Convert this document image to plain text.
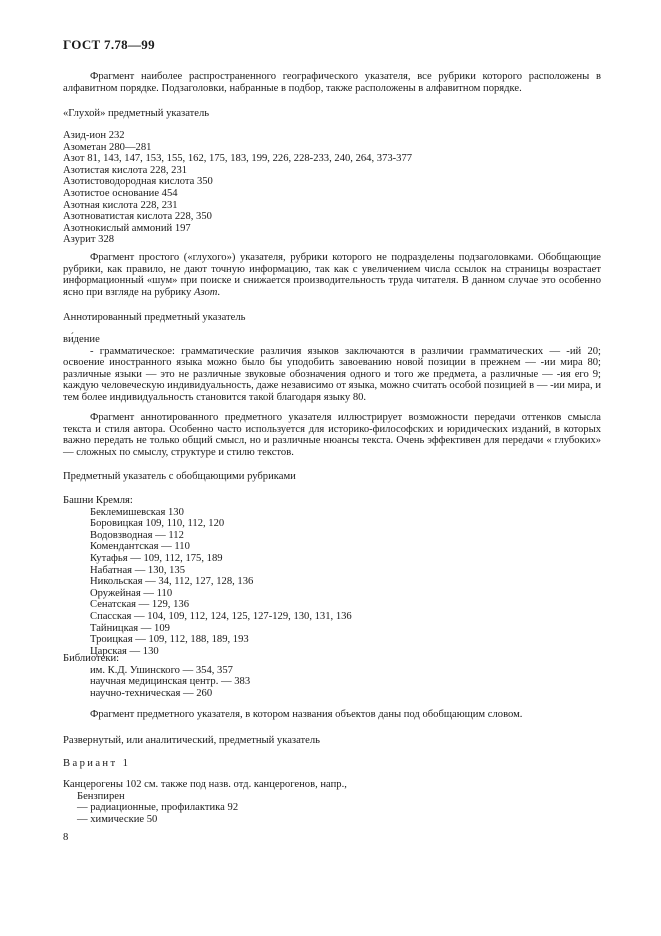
ГОСТ 7.78—99

Фрагмент наиболее распространенного географического указателя, все рубрики которого расположены в алфавитном порядке. Подзаголовки, набранные в подбор, также расположены в алфавитном порядке.

«Глухой» предметный указатель

Азид-ион 232
Азометан 280—281
Азот 81, 143, 147, 153, 155, 162, 175, 183, 199, 226, 228-233, 240, 264, 373-377
Азотистая кислота 228, 231
Азотистоводородная кислота 350
Азотистое основание 454
Азотная кислота 228, 231
Азотноватистая кислота 228, 350
Азотнокислый аммоний 197
Азурит 328

Фрагмент простого («глухого») указателя, рубрики которого не подразделены подзаголовками. Обобщающие рубрики, как правило, не дают точную информацию, так как с увеличением числа ссылок на страницы возрастает информационный «шум» при поиске и снижается производительность труда читателя. В данном случае это особенно ясно при взгляде на рубрику Азот.

Аннотированный предметный указатель

ви́дение

- грамматическое: грамматические различия языков заключаются в различии грамматических — -ий 20; освоение иностранного языка можно было бы уподобить завоеванию новой позиции в прежнем — -ии мира 80; различные языки — это не различные звуковые обозначения одного и того же предмета, а различные — -ия его 9; каждую человеческую индивидуальность, даже независимо от языка, можно считать особой позицией в — -ии мира, и тем более индивидуальность становится такой благодаря языку 80.

Фрагмент аннотированного предметного указателя иллюстрирует возможности передачи оттенков смысла текста и стиля автора. Особенно часто используется для историко-философских и юридических изданий, в которых важно передать не только общий смысл, но и различные нюансы текста. Очень эффективен для передачи « глубоких» — сложных по смыслу, структуре и стилю текстов.

Предметный указатель с обобщающими рубриками

Башни Кремля:
Беклемишевская 130
Боровицкая 109, 110, 112, 120
Водовзводная — 112
Комендантская — 110
Кутафья — 109, 112, 175, 189
Набатная — 130, 135
Никольская — 34, 112, 127, 128, 136
Оружейная — 110
Сенатская — 129, 136
Спасская — 104, 109, 112, 124, 125, 127-129, 130, 131, 136
Тайницкая — 109
Троицкая — 109, 112, 188, 189, 193
Царская — 130
Библиотеки:
им. К.Д. Ушинского — 354, 357
научная медицинская центр. — 383
научно-техническая — 260

Фрагмент предметного указателя, в котором названия объектов даны под обобщающим словом.

Развернутый, или аналитический, предметный указатель

Вариант 1
Канцерогены 102 см. также под назв. отд. канцерогенов, напр.,
Бензпирен
— радиационные, профилактика 92
— химические 50
8
